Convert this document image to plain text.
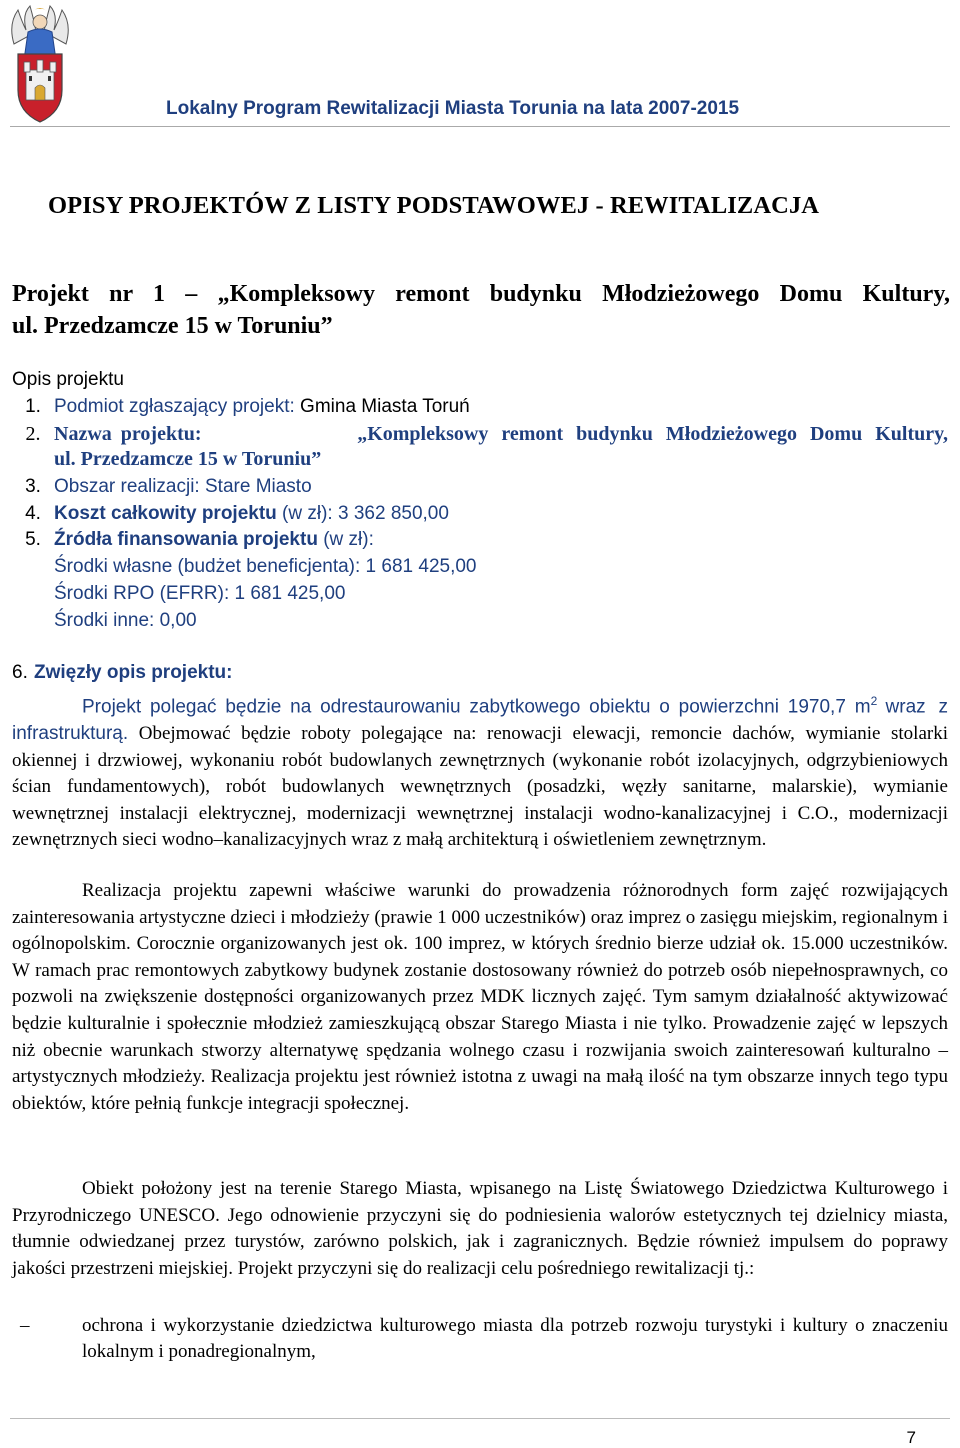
Lokalny Program Rewitalizacji Miasta Torunia na lata 2007-2015
OPISY PROJEKTÓW Z LISTY PODSTAWOWEJ - REWITALIZACJA
Projekt nr 1 – „Kompleksowy remont budynku Młodzieżowego Domu Kultury,
ul. Przedzamcze 15 w Toruniu”
Opis projektu
1. Podmiot zgłaszający projekt: Gmina Miasta Toruń
2. Nazwa projektu:	„Kompleksowy remont budynku Młodzieżowego Domu Kultury,
ul. Przedzamcze 15 w Toruniu”
3. Obszar realizacji: Stare Miasto
4. Koszt całkowity projektu (w zł): 3 362 850,00
5. Źródła finansowania projektu (w zł):
Środki własne (budżet beneficjenta): 1 681 425,00
Środki RPO (EFRR): 1 681 425,00
Środki inne: 0,00
6. Zwięzły opis projektu:
Projekt polegać będzie na odrestaurowaniu zabytkowego obiektu o powierzchni 1970,7 $m^2$ wraz z infrastrukturą. Obejmować będzie roboty polegające na: renowacji elewacji, remoncie dachów, wymianie stolarki okiennej i drzwiowej, wykonaniu robót budowlanych zewnętrznych (wykonanie robót izolacyjnych, odgrzybieniowych ścian fundamentowych), robót budowlanych wewnętrznych (posadzki, węzły sanitarne, malarskie), wymianie wewnętrznej instalacji elektrycznej, modernizacji wewnętrznej instalacji wodno-kanalizacyjnej i C.O., modernizacji zewnętrznych sieci wodno–kanalizacyjnych wraz z małą architekturą i oświetleniem zewnętrznym.
Realizacja projektu zapewni właściwe warunki do prowadzenia różnorodnych form zajęć rozwijających zainteresowania artystyczne dzieci i młodzieży (prawie 1 000 uczestników) oraz imprez o zasięgu miejskim, regionalnym i ogólnopolskim. Corocznie organizowanych jest ok. 100 imprez, w których średnio bierze udział ok. 15.000 uczestników. W ramach prac remontowych zabytkowy budynek zostanie dostosowany również do potrzeb osób niepełnosprawnych, co pozwoli na zwiększenie dostępności organizowanych przez MDK licznych zajęć. Tym samym działalność aktywizować będzie kulturalnie i społecznie młodzież zamieszkującą obszar Starego Miasta i nie tylko. Prowadzenie zajęć w lepszych niż obecnie warunkach stworzy alternatywę spędzania wolnego czasu i rozwijania swoich zainteresowań kulturalno – artystycznych młodzieży. Realizacja projektu jest również istotna z uwagi na małą ilość na tym obszarze innych tego typu obiektów, które pełnią funkcje integracji społecznej.
Obiekt położony jest na terenie Starego Miasta, wpisanego na Listę Światowego Dziedzictwa Kulturowego i Przyrodniczego UNESCO. Jego odnowienie przyczyni się do podniesienia walorów estetycznych tej dzielnicy miasta, tłumnie odwiedzanej przez turystów, zarówno polskich, jak i zagranicznych. Będzie również impulsem do poprawy jakości przestrzeni miejskiej. Projekt przyczyni się do realizacji celu pośredniego rewitalizacji tj.:
–	ochrona i wykorzystanie dziedzictwa kulturowego miasta dla potrzeb rozwoju turystyki i kultury o znaczeniu lokalnym i ponadregionalnym,
7
